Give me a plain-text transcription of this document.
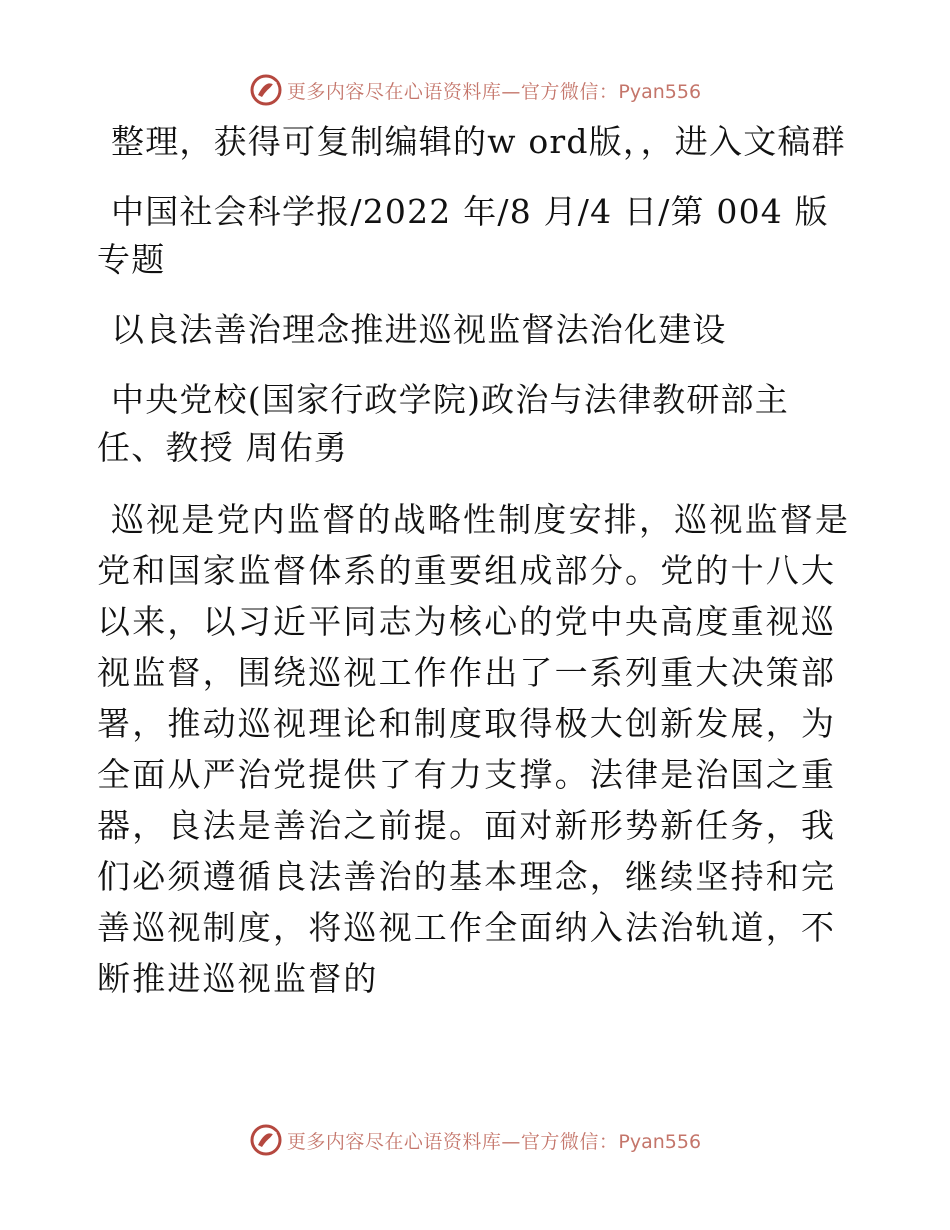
更多内容尽在心语资料库—官方微信：Pyan556

整理，获得可复制编辑的w ord版，，进入文稿群

中国社会科学报/2022 年/8 月/4 日/第 004 版专题

以良法善治理念推进巡视监督法治化建设

中央党校(国家行政学院)政治与法律教研部主任、教授 周佑勇

巡视是党内监督的战略性制度安排，巡视监督是党和国家监督体系的重要组成部分。党的十八大以来，以习近平同志为核心的党中央高度重视巡视监督，围绕巡视工作作出了一系列重大决策部署，推动巡视理论和制度取得极大创新发展，为全面从严治党提供了有力支撑。法律是治国之重器，良法是善治之前提。面对新形势新任务，我们必须遵循良法善治的基本理念，继续坚持和完善巡视制度，将巡视工作全面纳入法治轨道，不断推进巡视监督的

更多内容尽在心语资料库—官方微信：Pyan556
